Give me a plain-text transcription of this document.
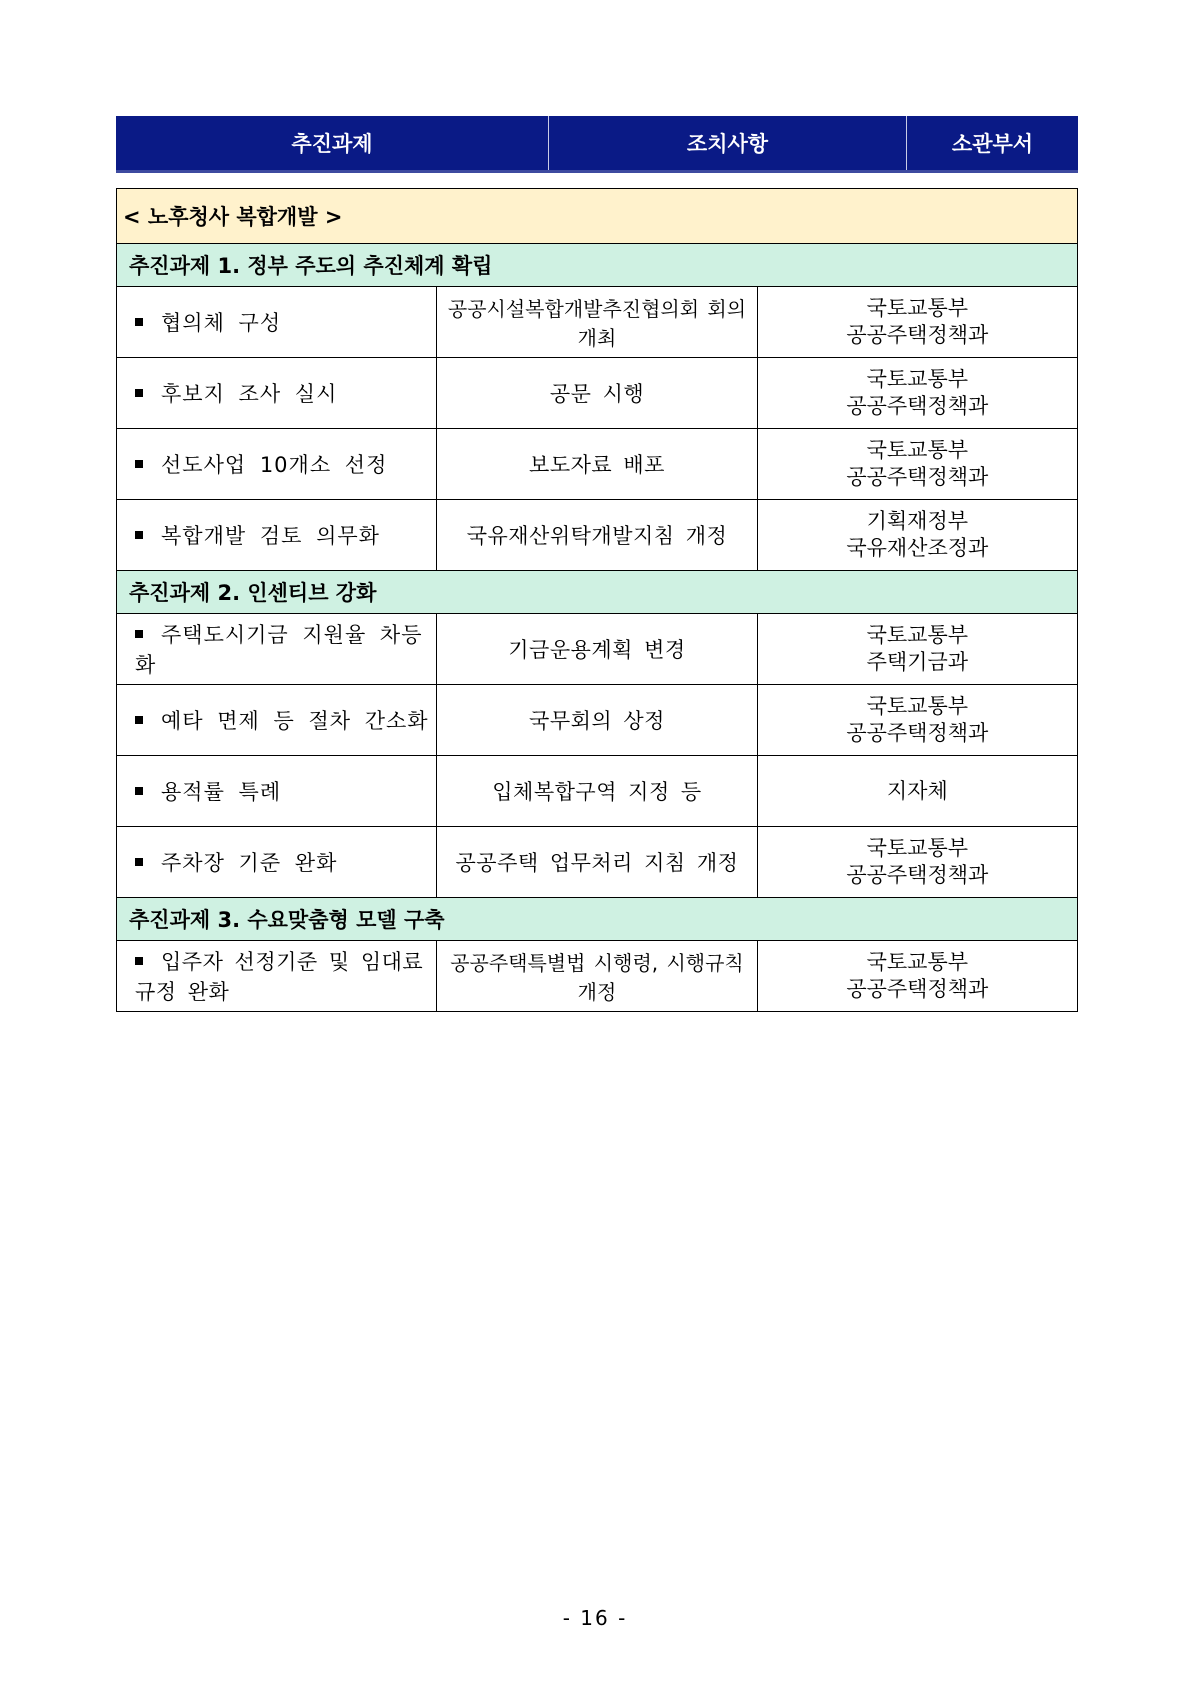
추진과제	조치사항	소관부서
< 노후청사 복합개발 >		
추진과제 1. 정부 주도의 추진체계 확립		
협의체 구성	공공시설복합개발추진협의회 회의 개최	국토교통부
공공주택정책과

후보지 조사 실시	공문 시행	국토교통부
공공주택정책과

선도사업 10개소 선정	보도자료 배포	국토교통부
공공주택정책과

복합개발 검토 의무화	국유재산위탁개발지침 개정	기획재정부
국유재산조정과

추진과제 2. 인센티브 강화		
주택도시기금 지원율 차등화	기금운용계획 변경	국토교통부
주택기금과

예타 면제 등 절차 간소화	국무회의 상정	국토교통부
공공주택정책과

용적률 특례	입체복합구역 지정 등	지자체

주차장 기준 완화	공공주택 업무처리 지침 개정	국토교통부
공공주택정책과

추진과제 3. 수요맞춤형 모델 구축		
입주자 선정기준 및 임대료 규정 완화	공공주택특별법 시행령, 시행규칙 개정	국토교통부
공공주택정책과
- 16 -
